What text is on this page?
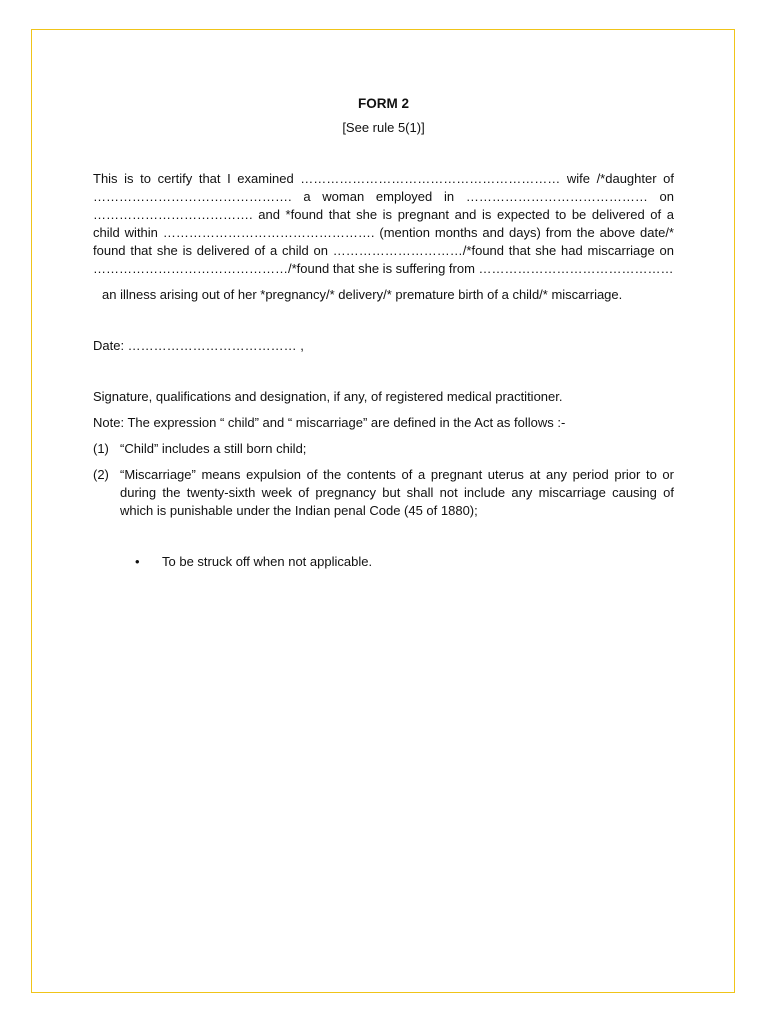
FORM 2

[See rule 5(1)]

This is to certify that I examined …………………………………………………… wife /*daughter of ………………………………………. a woman employed in …………………………………… on ………………………………. and *found that she is pregnant and is expected to be delivered of a child within …………………………………………. (mention months and days) from the above date/* found that she is delivered of a child on …………………………/*found that she had miscarriage on ………………………………………/*found that she is suffering from ………………………………………

an illness arising out of her *pregnancy/* delivery/* premature birth of a child/* miscarriage.

Date: ………………………………… ,

Signature, qualifications and designation, if any, of registered medical practitioner.

Note: The expression “ child” and “ miscarriage” are defined in the Act as follows :-

(1) “Child” includes a still born child;
(2) “Miscarriage” means expulsion of the contents of a pregnant uterus at any period prior to or during the twenty-sixth week of pregnancy but shall not include any miscarriage causing of which is punishable under the Indian penal Code (45 of 1880);
•	To be struck off when not applicable.
